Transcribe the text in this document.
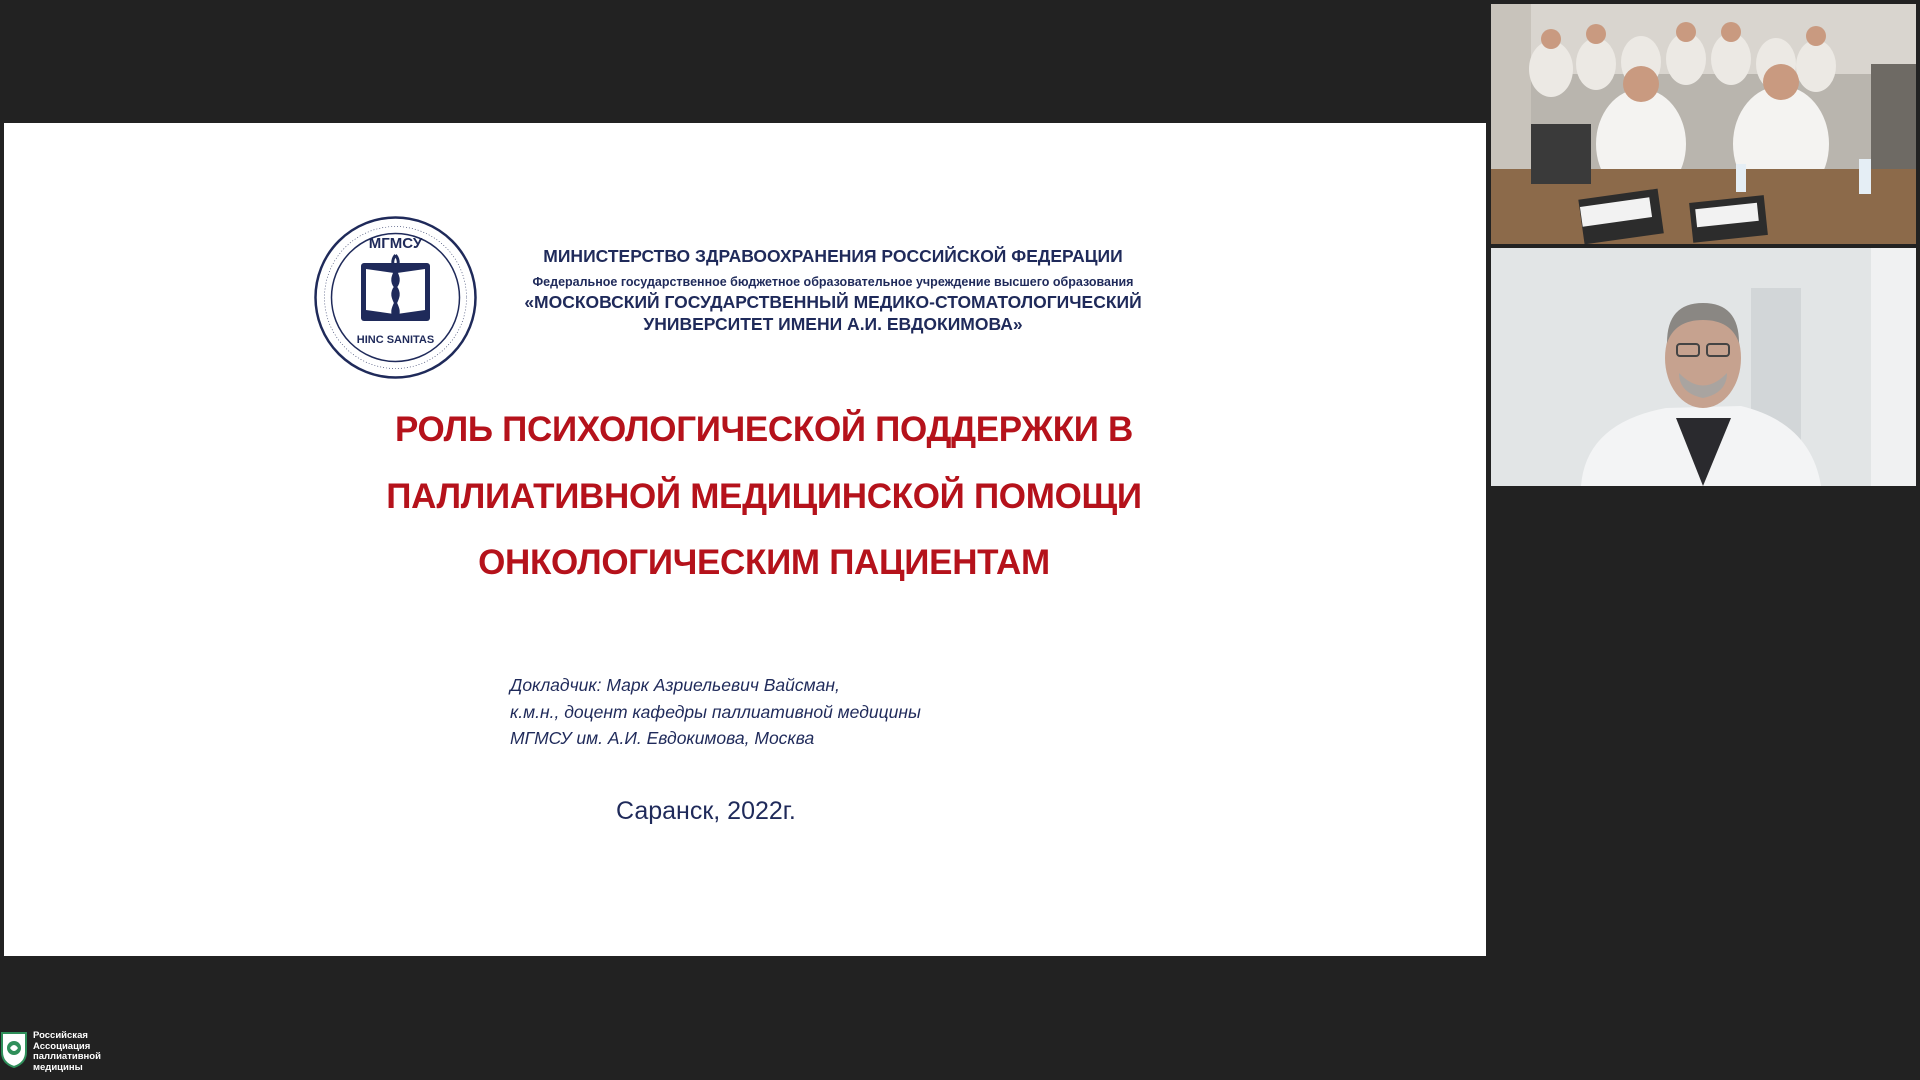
МГМСУ
HINC SANITAS
МИНИСТЕРСТВО ЗДРАВООХРАНЕНИЯ РОССИЙСКОЙ ФЕДЕРАЦИИ
Федеральное государственное бюджетное образовательное учреждение высшего образования
«МОСКОВСКИЙ ГОСУДАРСТВЕННЫЙ МЕДИКО-СТОМАТОЛОГИЧЕСКИЙ
УНИВЕРСИТЕТ ИМЕНИ А.И. ЕВДОКИМОВА»
РОЛЬ ПСИХОЛОГИЧЕСКОЙ ПОДДЕРЖКИ В
ПАЛЛИАТИВНОЙ МЕДИЦИНСКОЙ ПОМОЩИ
ОНКОЛОГИЧЕСКИМ ПАЦИЕНТАМ
Докладчик: Марк Азриельевич Вайсман,
к.м.н., доцент кафедры паллиативной медицины
МГМСУ им. А.И. Евдокимова, Москва
Саранск, 2022г.
Российская
Ассоциация
паллиативной
медицины
